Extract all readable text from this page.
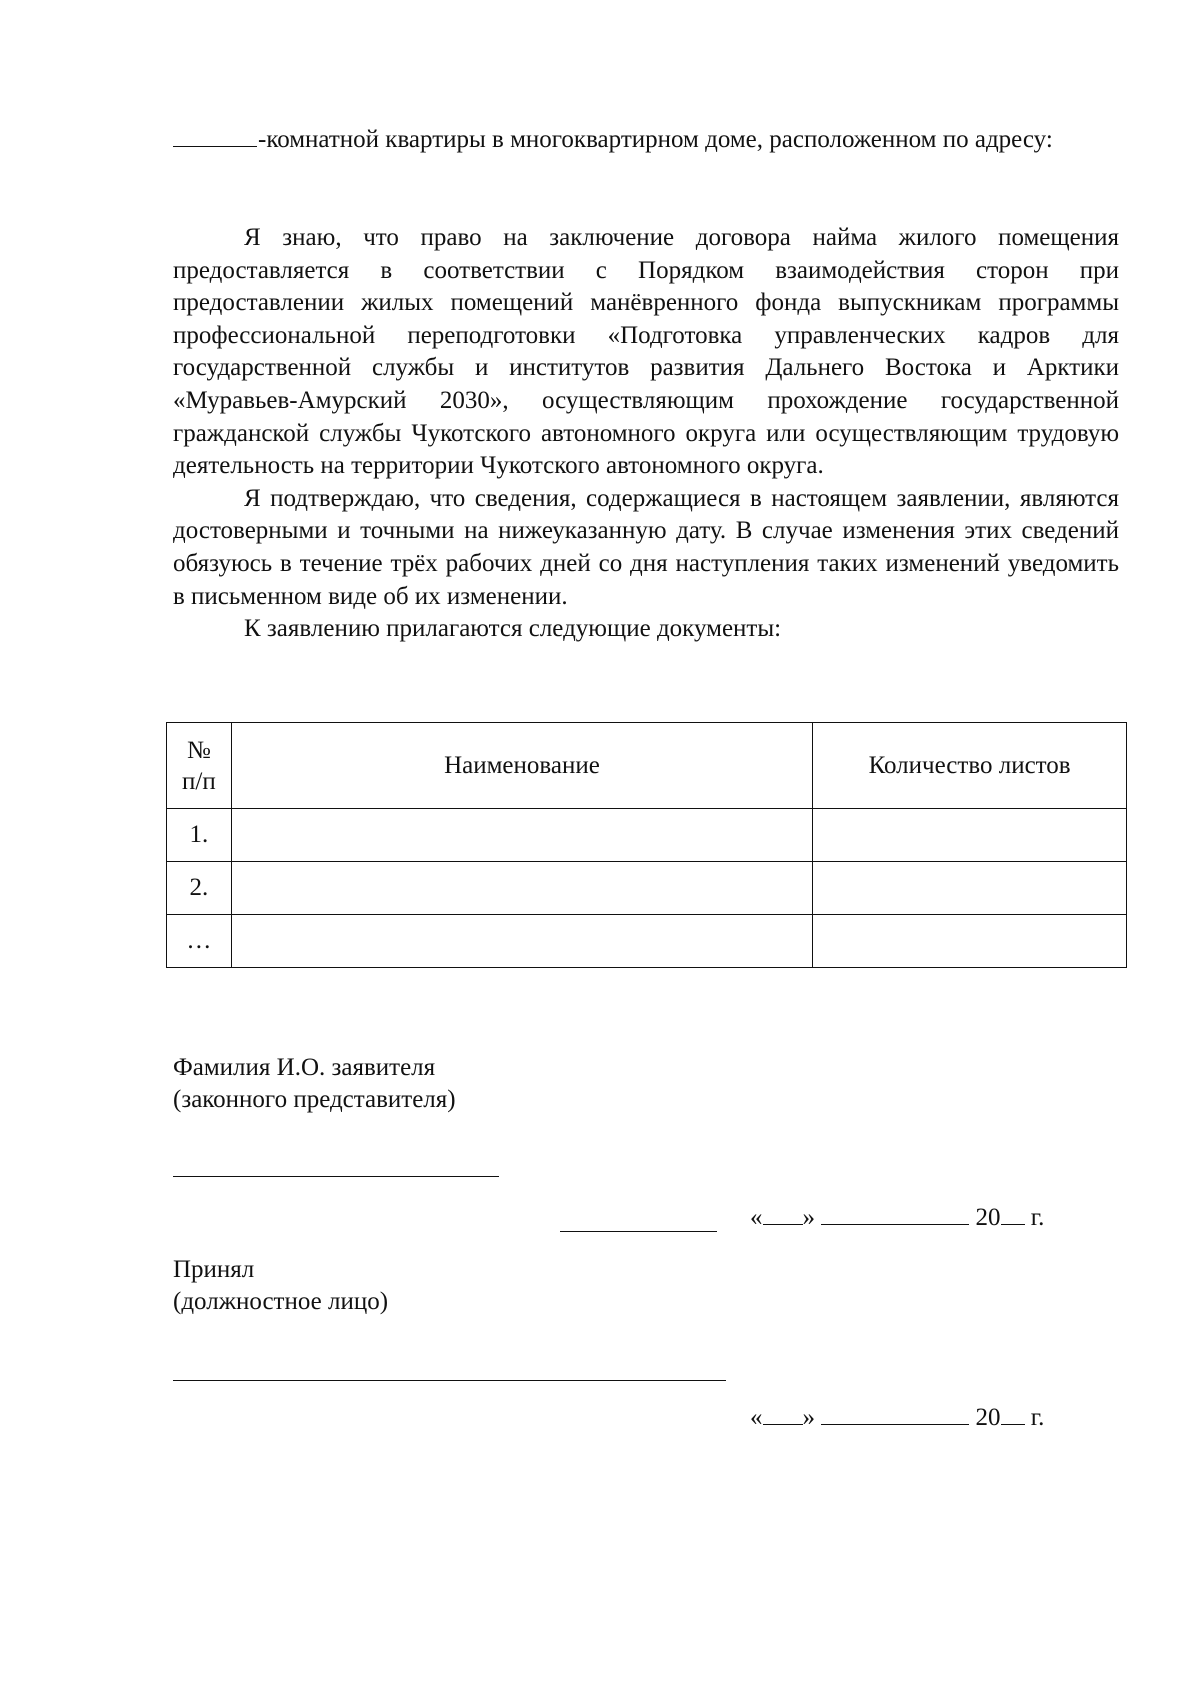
-комнатной квартиры в многоквартирном доме, расположенном по адресу:

Я знаю, что право на заключение договора найма жилого помещения предоставляется в соответствии с Порядком взаимодействия сторон при предоставлении жилых помещений манёвренного фонда выпускникам программы профессиональной переподготовки «Подготовка управленческих кадров для государственной службы и институтов развития Дальнего Востока и Арктики «Муравьев-Амурский 2030», осуществляющим прохождение государственной гражданской службы Чукотского автономного округа или осуществляющим трудовую деятельность на территории Чукотского автономного округа.

Я подтверждаю, что сведения, содержащиеся в настоящем заявлении, являются достоверными и точными на нижеуказанную дату. В случае изменения этих сведений обязуюсь в течение трёх рабочих дней со дня наступления таких изменений уведомить в письменном виде об их изменении.

К заявлению прилагаются следующие документы:

№
п/п	Наименование	Количество листов
1.		
2.		
…		
Фамилия И.О. заявителя
(законного представителя)
« »	20 г.
Принял
(должностное лицо)
« »	20 г.
